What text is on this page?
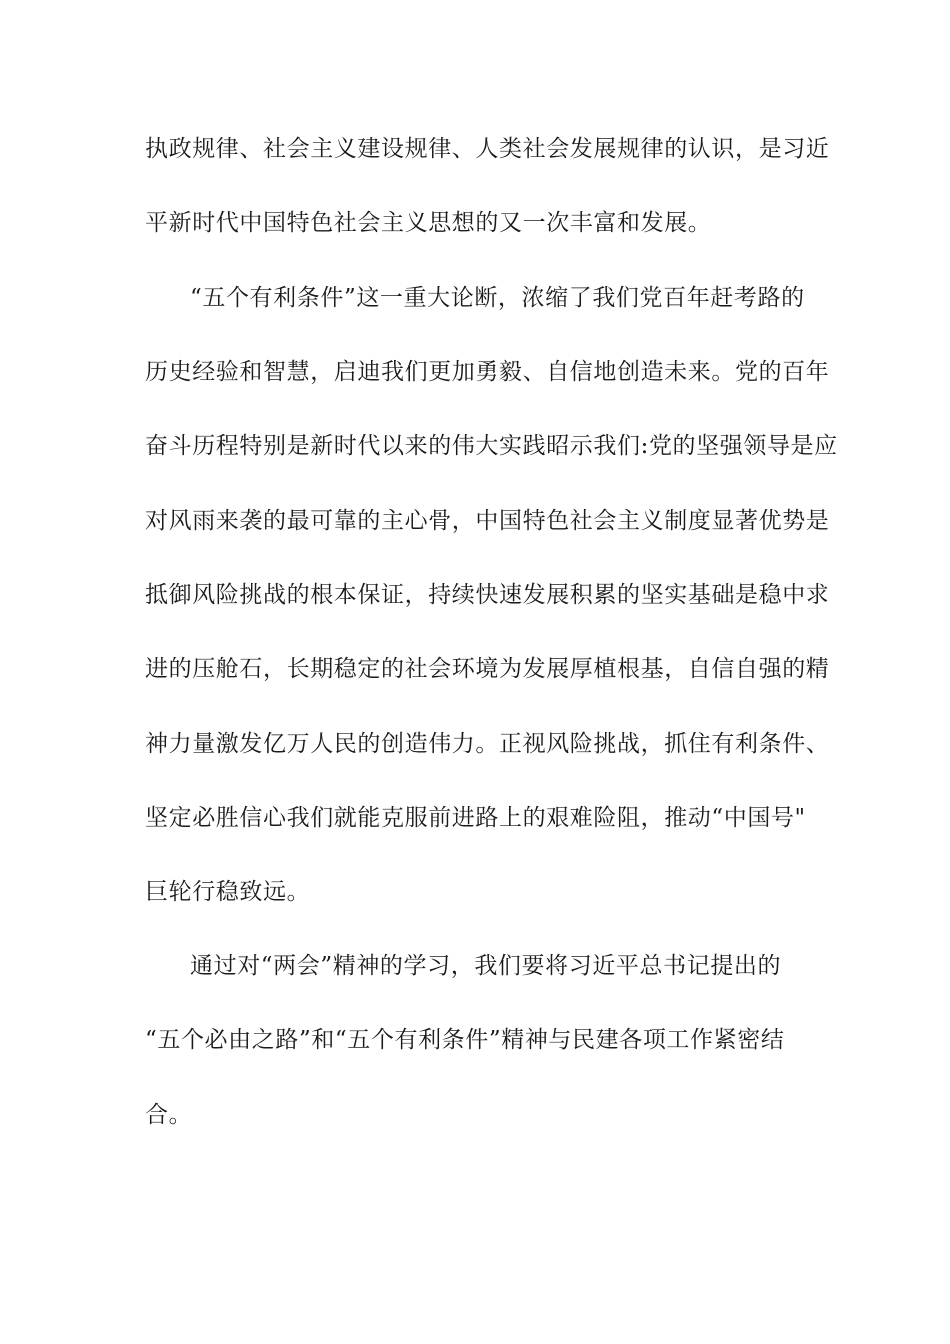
执政规律、社会主义建设规律、人类社会发展规律的认识，是习近
平新时代中国特色社会主义思想的又一次丰富和发展。
“五个有利条件”这一重大论断，浓缩了我们党百年赶考路的
历史经验和智慧，启迪我们更加勇毅、自信地创造未来。党的百年
奋斗历程特别是新时代以来的伟大实践昭示我们:党的坚强领导是应
对风雨来袭的最可靠的主心骨，中国特色社会主义制度显著优势是
抵御风险挑战的根本保证，持续快速发展积累的坚实基础是稳中求
进的压舱石，长期稳定的社会环境为发展厚植根基，自信自强的精
神力量激发亿万人民的创造伟力。正视风险挑战，抓住有利条件、
坚定必胜信心我们就能克服前进路上的艰难险阻，推动“中国号"
巨轮行稳致远。
通过对“两会”精神的学习，我们要将习近平总书记提出的
“五个必由之路”和“五个有利条件”精神与民建各项工作紧密结
合。
